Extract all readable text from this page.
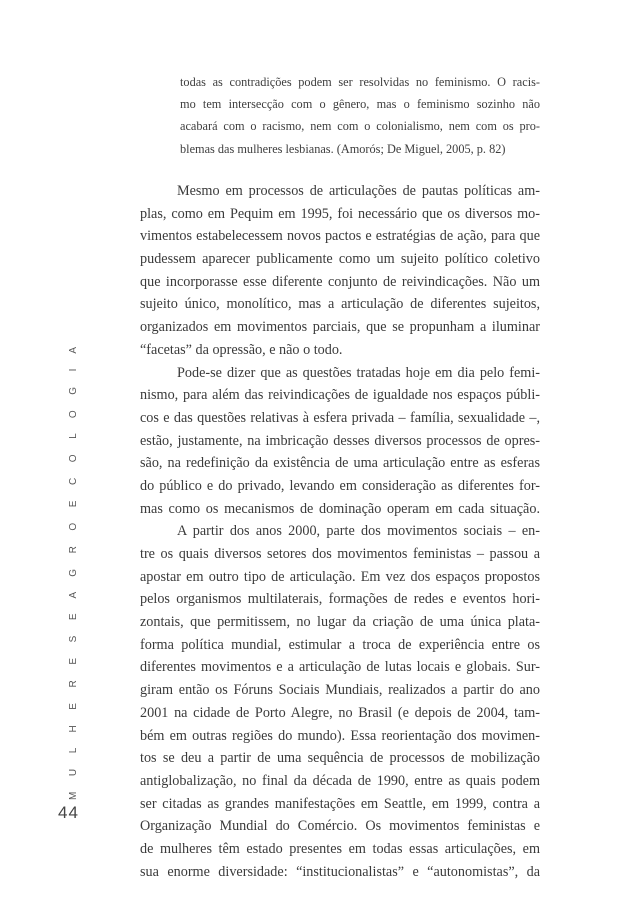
todas as contradições podem ser resolvidas no feminismo. O racis-
mo tem intersecção com o gênero, mas o feminismo sozinho não
acabará com o racismo, nem com o colonialismo, nem com os pro-
blemas das mulheres lesbianas. (Amorós; De Miguel, 2005, p. 82)
Mesmo em processos de articulações de pautas políticas am-
plas, como em Pequim em 1995, foi necessário que os diversos mo-
vimentos estabelecessem novos pactos e estratégias de ação, para que
pudessem aparecer publicamente como um sujeito político coletivo
que incorporasse esse diferente conjunto de reivindicações. Não um
sujeito único, monolítico, mas a articulação de diferentes sujeitos,
organizados em movimentos parciais, que se propunham a iluminar
“facetas” da opressão, e não o todo.
Pode-se dizer que as questões tratadas hoje em dia pelo femi-
nismo, para além das reivindicações de igualdade nos espaços públi-
cos e das questões relativas à esfera privada – família, sexualidade –,
estão, justamente, na imbricação desses diversos processos de opres-
são, na redefinição da existência de uma articulação entre as esferas
do público e do privado, levando em consideração as diferentes for-
mas como os mecanismos de dominação operam em cada situação.
A partir dos anos 2000, parte dos movimentos sociais – en-
tre os quais diversos setores dos movimentos feministas – passou a
apostar em outro tipo de articulação. Em vez dos espaços propostos
pelos organismos multilaterais, formações de redes e eventos hori-
zontais, que permitissem, no lugar da criação de uma única plata-
forma política mundial, estimular a troca de experiência entre os
diferentes movimentos e a articulação de lutas locais e globais. Sur-
giram então os Fóruns Sociais Mundiais, realizados a partir do ano
2001 na cidade de Porto Alegre, no Brasil (e depois de 2004, tam-
bém em outras regiões do mundo). Essa reorientação dos movimen-
tos se deu a partir de uma sequência de processos de mobilização
antiglobalização, no final da década de 1990, entre as quais podem
ser citadas as grandes manifestações em Seattle, em 1999, contra a
Organização Mundial do Comércio. Os movimentos feministas e
de mulheres têm estado presentes em todas essas articulações, em
sua enorme diversidade: “institucionalistas” e “autonomistas”, da
M U L H E R E S E A G R O E C O L O G I A
44
